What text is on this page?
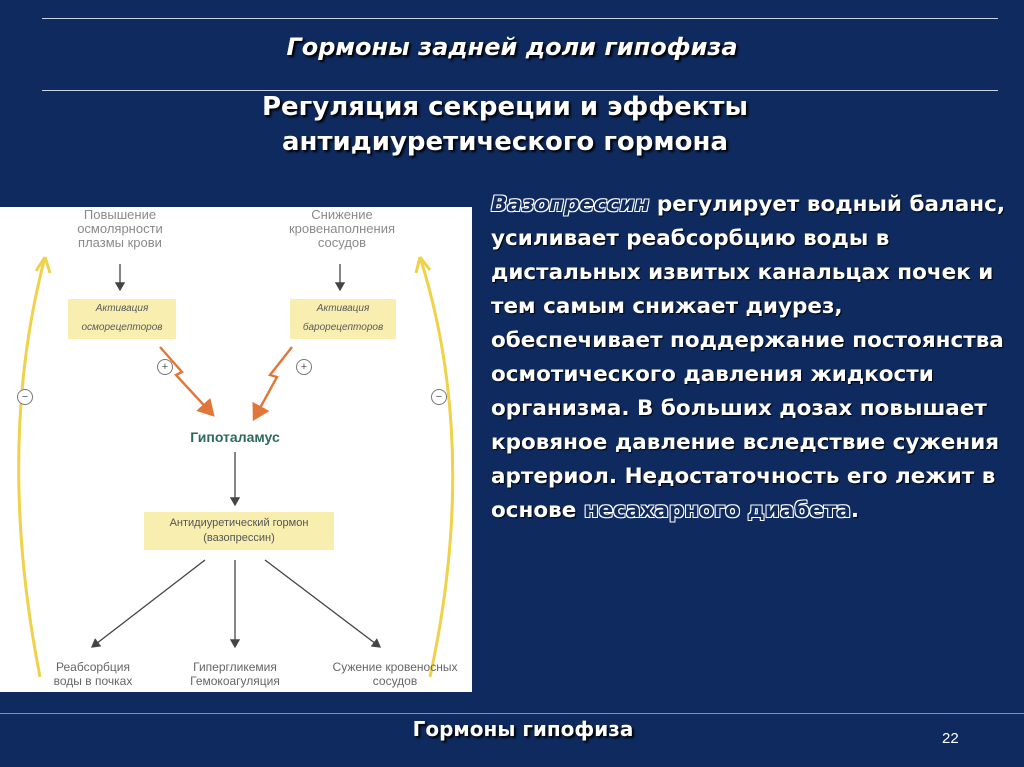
Гормоны задней доли гипофиза
Регуляция секреции и эффекты
антидиуретического гормона
Повышение
осмолярности
плазмы крови
Снижение
кровенаполнения
сосудов
Активация
осморецепторов
Активация
барорецепторов
+	+
−	−
Гипоталамус
Антидиуретический гормон
(вазопрессин)
Реабсорбция
воды в почках
Гипергликемия
Гемокоагуляция
Сужение кровеносных
сосудов
Вазопрессин регулирует водный баланс, усиливает реабсорбцию воды в дистальных извитых канальцах почек и тем самым снижает диурез, обеспечивает поддержание постоянства осмотического давления жидкости организма. В больших дозах повышает кровяное давление вследствие сужения артериол. Недостаточность его лежит в основе несахарного диабета.
Гормоны гипофиза	22
